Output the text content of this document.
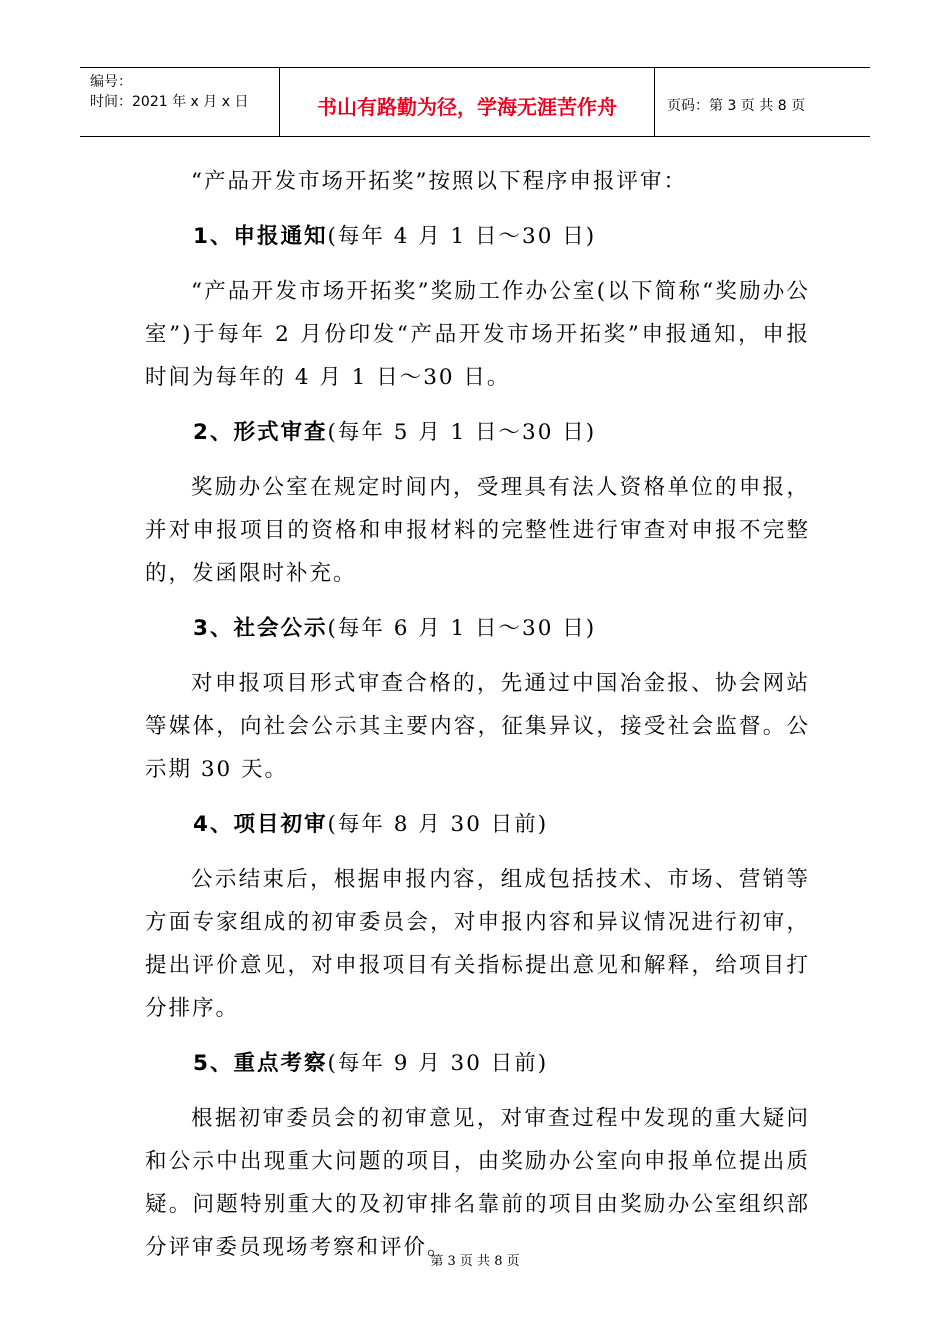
编号：
时间：2021 年 x 月 x 日	书山有路勤为径，学海无涯苦作舟	页码：第 3 页 共 8 页

“产品开发市场开拓奖”按照以下程序申报评审：

1、申报通知(每年 4 月 1 日～30 日)

“产品开发市场开拓奖”奖励工作办公室(以下简称“奖励办公室”)于每年 2 月份印发“产品开发市场开拓奖”申报通知，申报时间为每年的 4 月 1 日～30 日。

2、形式审查(每年 5 月 1 日～30 日)

奖励办公室在规定时间内，受理具有法人资格单位的申报，并对申报项目的资格和申报材料的完整性进行审查对申报不完整的，发函限时补充。

3、社会公示(每年 6 月 1 日～30 日)

对申报项目形式审查合格的，先通过中国冶金报、协会网站等媒体，向社会公示其主要内容，征集异议，接受社会监督。公示期 30 天。

4、项目初审(每年 8 月 30 日前)

公示结束后，根据申报内容，组成包括技术、市场、营销等方面专家组成的初审委员会，对申报内容和异议情况进行初审，提出评价意见，对申报项目有关指标提出意见和解释，给项目打分排序。

5、重点考察(每年 9 月 30 日前)

根据初审委员会的初审意见，对审查过程中发现的重大疑问和公示中出现重大问题的项目，由奖励办公室向申报单位提出质疑。问题特别重大的及初审排名靠前的项目由奖励办公室组织部分评审委员现场考察和评价。

第 3 页 共 8 页
